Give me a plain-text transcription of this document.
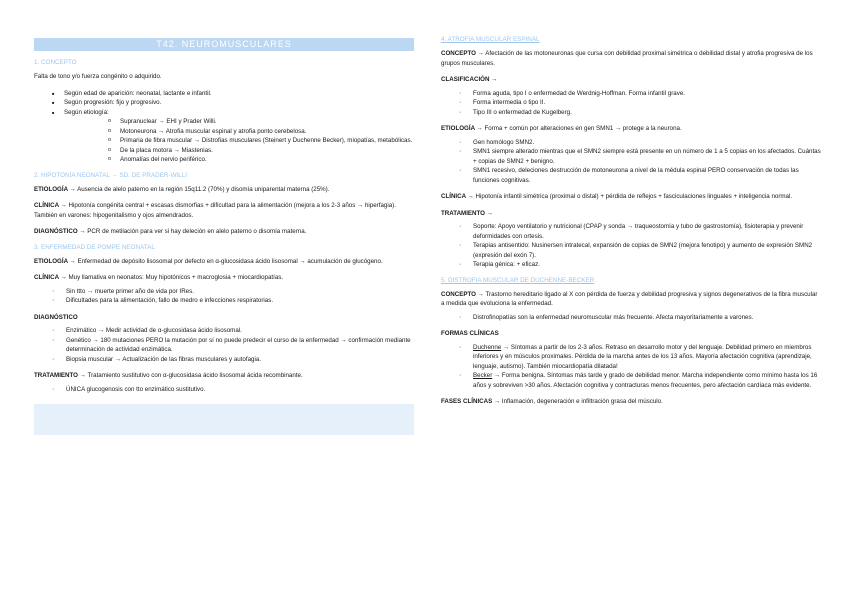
T42. NEUROMUSCULARES
1. CONCEPTO

Falta de tono y/o fuerza congénito o adquirido.

■ Según edad de aparición: neonatal, lactante e infantil.
■ Según progresión: fijo y progresivo.
■ Según etiología:
o Supranuclear → EHI y Prader Willi.
o Motoneurona → Atrofia muscular espinal y atrofia ponto cerebelosa.
o Primaria de fibra muscular → Distrofias musculares (Steinert y Duchenne Becker), miopatías, metabólicas.
o De la placa motora → Miastenias.
o Anomalías del nervio periférico.
2. HIPOTONÍA NEONATAL → SD. DE PRADER-WILLI

ETIOLOGÍA → Ausencia de alelo paterno en la región 15q11.2 (70%) y disomía uniparental materna (25%).

CLÍNICA → Hipotonía congénita central + escasas dismorfias + dificultad para la alimentación (mejora a los 2-3 años → hiperfagia). También en varones: hipogenitalismo y ojos almendrados.

DIAGNÓSTICO → PCR de metilación para ver si hay deleción en alelo paterno o disomía materna.

3. ENFERMEDAD DE POMPE NEONATAL

ETIOLOGÍA → Enfermedad de depósito lisosomal por defecto en α-glucosidasa ácido lisosomal → acumulación de glucógeno.

CLÍNICA → Muy llamativa en neonatos: Muy hipotónicos + macroglosia + miocardiopatías.

· Sin ttto → muerte primer año de vida por IRes.
· Dificultades para la alimentación, fallo de medro e infecciones respiratorias.

DIAGNÓSTICO

· Enzimático → Medir actividad de α-glucosidasa ácido lisosomal.
· Genético → 180 mutaciones PERO la mutación por sí no puede predecir el curso de la enfermedad → confirmación mediante determinación de actividad enzimática.
· Biopsia muscular → Actualización de las fibras musculares y autofagia.

TRATAMIENTO → Tratamiento sustitutivo con α-glucosidasa ácido lisosomal ácida recombinante.

· ÚNICA glucogenosis con tto enzimático sustitutivo.
4. ATROFIA MUSCULAR ESPINAL

CONCEPTO → Afectación de las motoneuronas que cursa con debilidad proximal simétrica o debilidad distal y atrofia progresiva de los grupos musculares.

CLASIFICACIÓN →

· Forma aguda, tipo I o enfermedad de Werdnig-Hoffman. Forma infantil grave.
· Forma intermedia o tipo II.
· Tipo III o enfermedad de Kugelberg.

ETIOLOGÍA → Forma + común por alteraciones en gen SMN1 → protege a la neurona.

· Gen homólogo SMN2.
· SMN1 siempre alterado mientras que el SMN2 siempre está presente en un número de 1 a 5 copias en los afectados. Cuántas + copias de SMN2 + benigno.
· SMN1 recesivo, deleciones destrucción de motoneurona a nivel de la médula espinal PERO conservación de todas las funciones cognitivas.

CLÍNICA → Hipotonía infantil simétrica (proximal o distal) + pérdida de reflejos + fasciculaciones linguales + inteligencia normal.

TRATAMIENTO →

· Soporte: Apoyo ventilatorio y nutricional (CPAP y sonda → traqueostomía y tubo de gastrostomía), fisioterapia y prevenir deformidades con ortesis.
· Terapias antisentido: Nusinersen intratecal, expansión de copias de SMN2 (mejora fenotipo) y aumento de expresión SMN2 (expresión del exón 7).
· Terapia génica: + eficaz.
5. DISTROFIA MUSCULAR DE DUCHENNE-BECKER

CONCEPTO → Trastorno hereditario ligado al X con pérdida de fuerza y debilidad progresiva y signos degenerativos de la fibra muscular a medida que evoluciona la enfermedad.

· Distrofinopatías son la enfermedad neuromuscular más frecuente. Afecta mayoritariamente a varones.

FORMAS CLÍNICAS

· Duchenne → Síntomas a partir de los 2-3 años. Retraso en desarrollo motor y del lenguaje. Debilidad primero en miembros inferiores y en músculos proximales. Pérdida de la marcha antes de los 13 años. Mayoría afectación cognitiva (aprendizaje, lenguaje, autismo). También miocardiopatía dilatada!
· Becker → Forma benigna. Síntomas más tarde y grado de debilidad menor. Marcha independiente como mínimo hasta los 16 años y sobreviven >30 años. Afectación cognitiva y contracturas menos frecuentes, pero afectación cardíaca más evidente.

FASES CLÍNICAS → Inflamación, degeneración e infiltración grasa del músculo.
